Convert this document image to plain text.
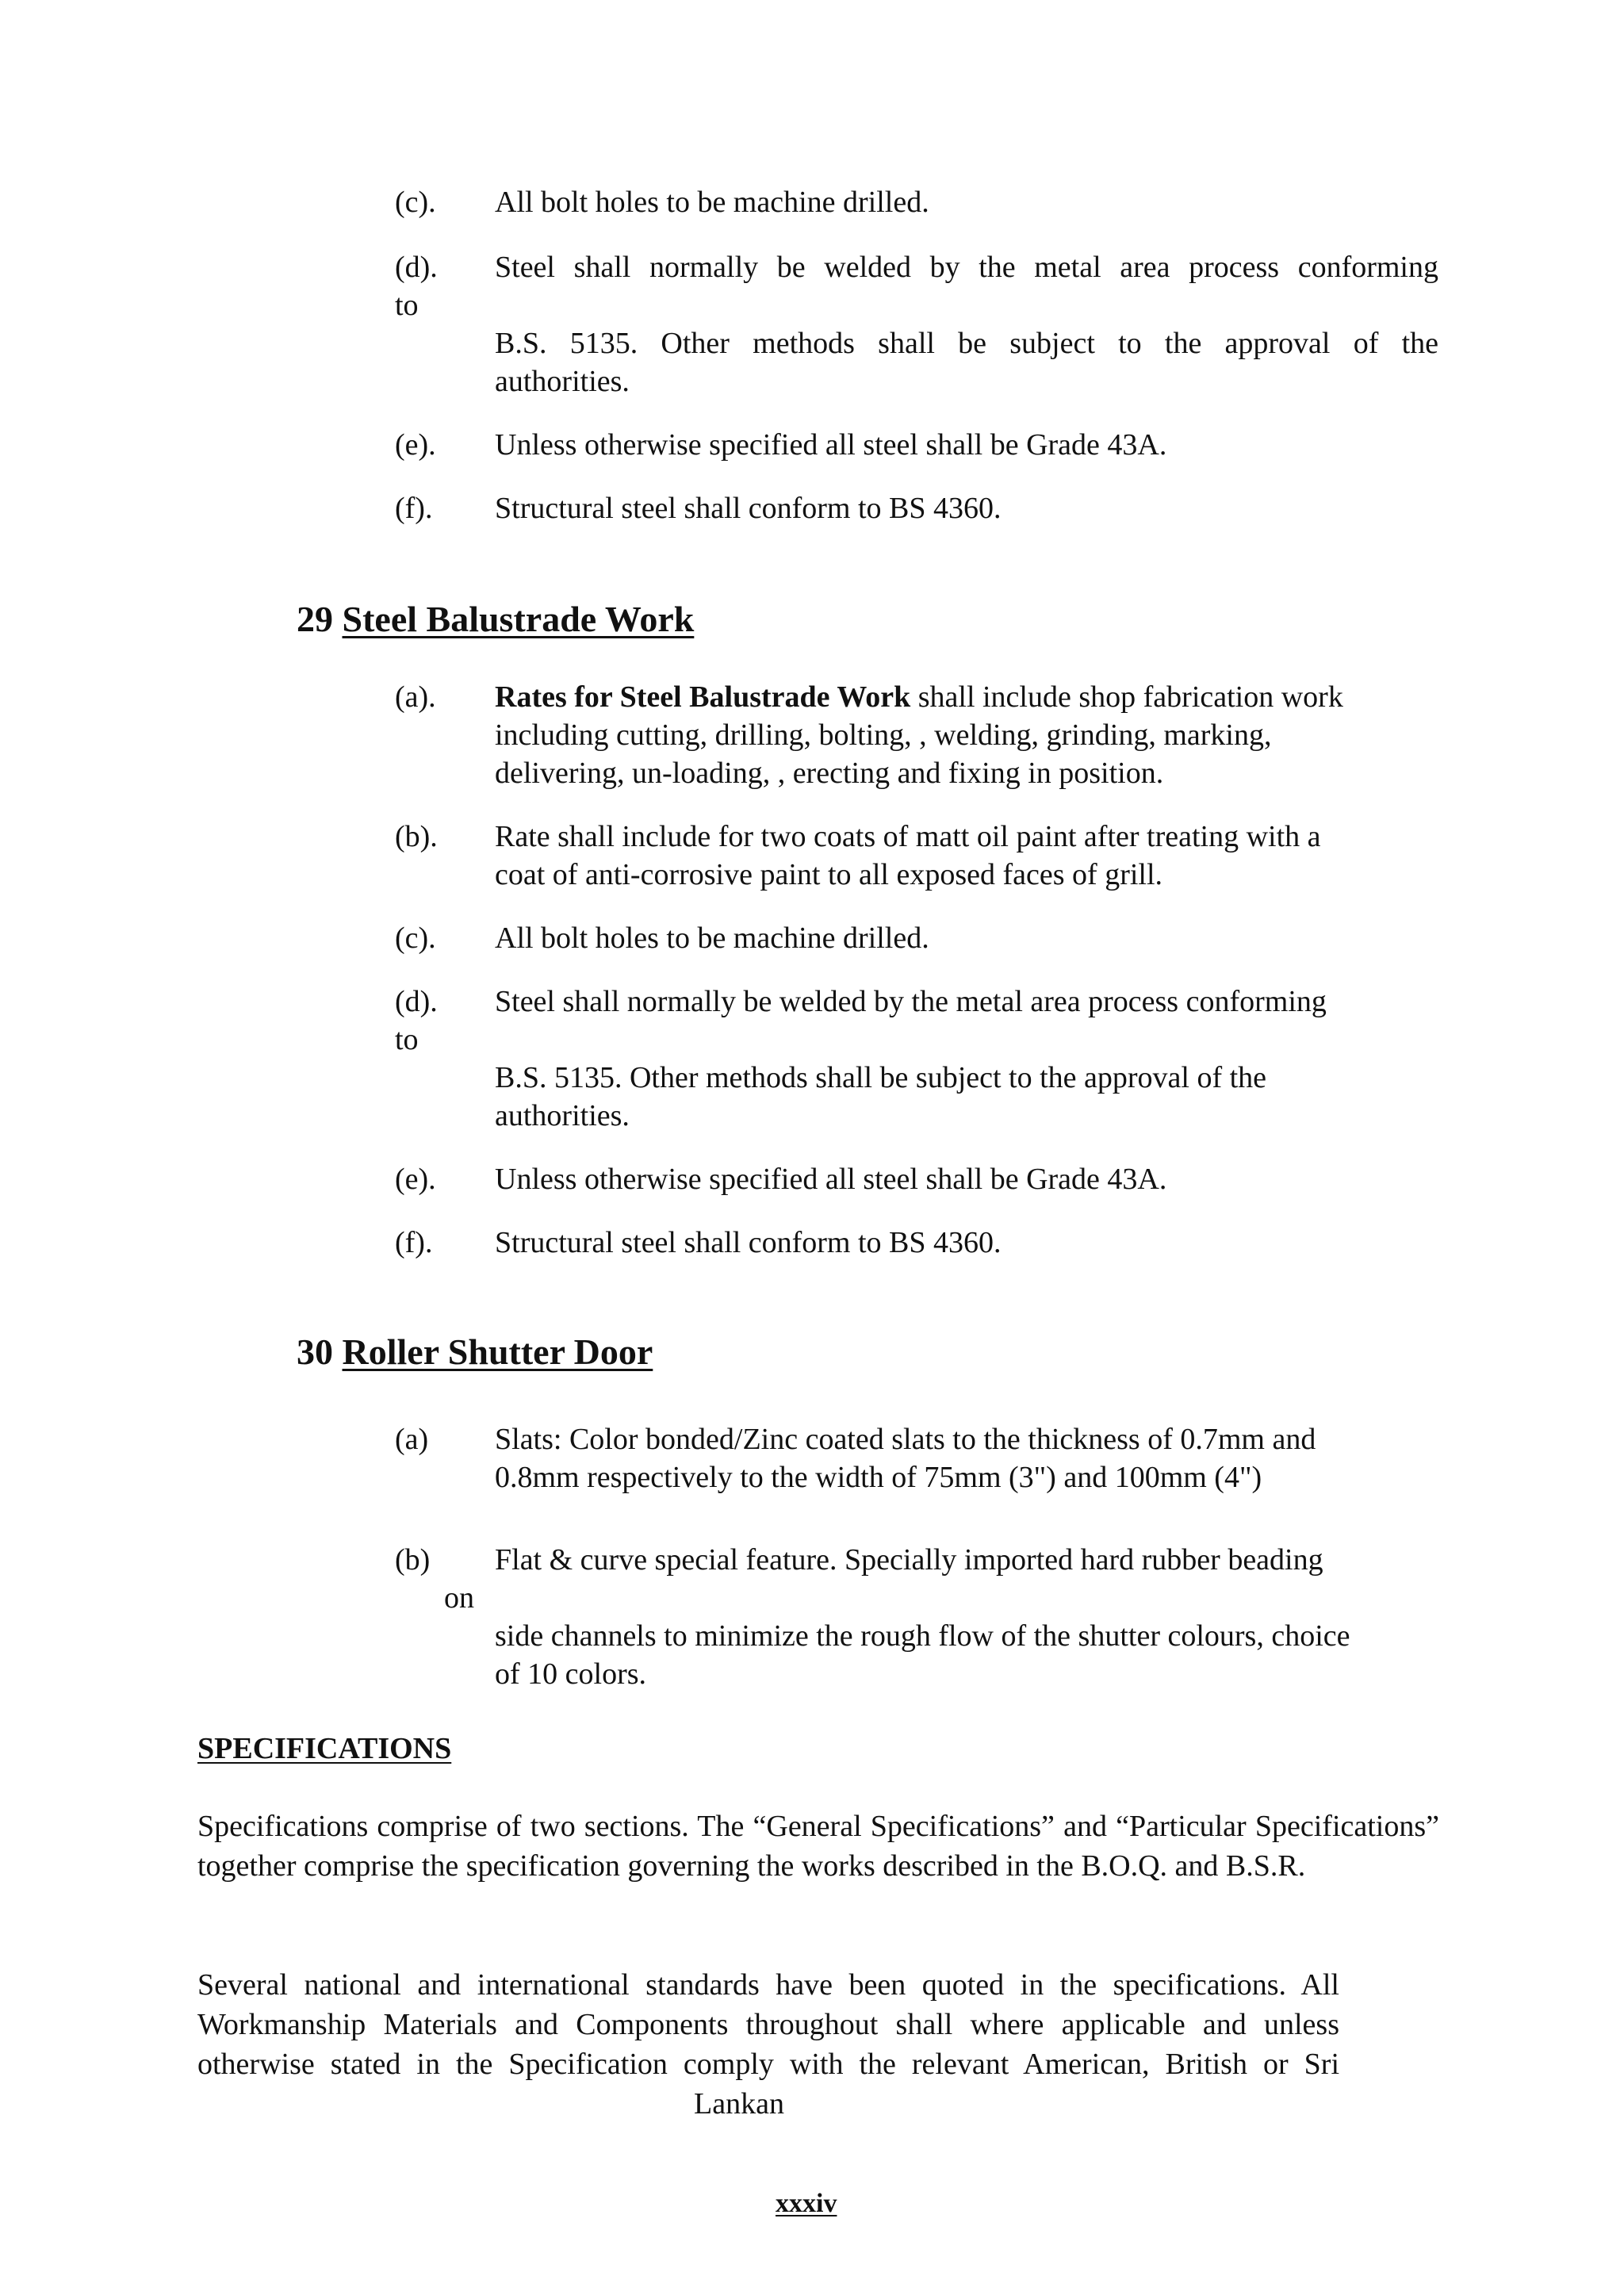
(c). All bolt holes to be machine drilled.
(d). Steel shall normally be welded by the metal area process conforming
to
B.S. 5135. Other methods shall be subject to the approval of the
authorities.
(e). Unless otherwise specified all steel shall be Grade 43A.
(f). Structural steel shall conform to BS 4360.
29 Steel Balustrade Work
(a). Rates for Steel Balustrade Work shall include shop fabrication work
including cutting, drilling, bolting, , welding, grinding, marking,
delivering, un-loading, , erecting and fixing in position.
(b). Rate shall include for two coats of matt oil paint after treating with a
coat of anti-corrosive paint to all exposed faces of grill.
(c). All bolt holes to be machine drilled.
(d). Steel shall normally be welded by the metal area process conforming
to
B.S. 5135. Other methods shall be subject to the approval of the
authorities.
(e). Unless otherwise specified all steel shall be Grade 43A.
(f). Structural steel shall conform to BS 4360.
30 Roller Shutter Door
(a) Slats: Color bonded/Zinc coated slats to the thickness of 0.7mm and
0.8mm respectively to the width of 75mm (3") and 100mm (4")
(b) Flat & curve special feature. Specially imported hard rubber beading
on
side channels to minimize the rough flow of the shutter colours, choice
of 10 colors.
SPECIFICATIONS
Specifications comprise of two sections. The “General Specifications” and “Particular Specifications” together comprise the specification governing the works described in the B.O.Q. and B.S.R.
Several national and international standards have been quoted in the specifications. All
Workmanship Materials and Components throughout shall where applicable and unless
otherwise stated in the Specification comply with the relevant American, British or Sri
Lankan
xxxiv
